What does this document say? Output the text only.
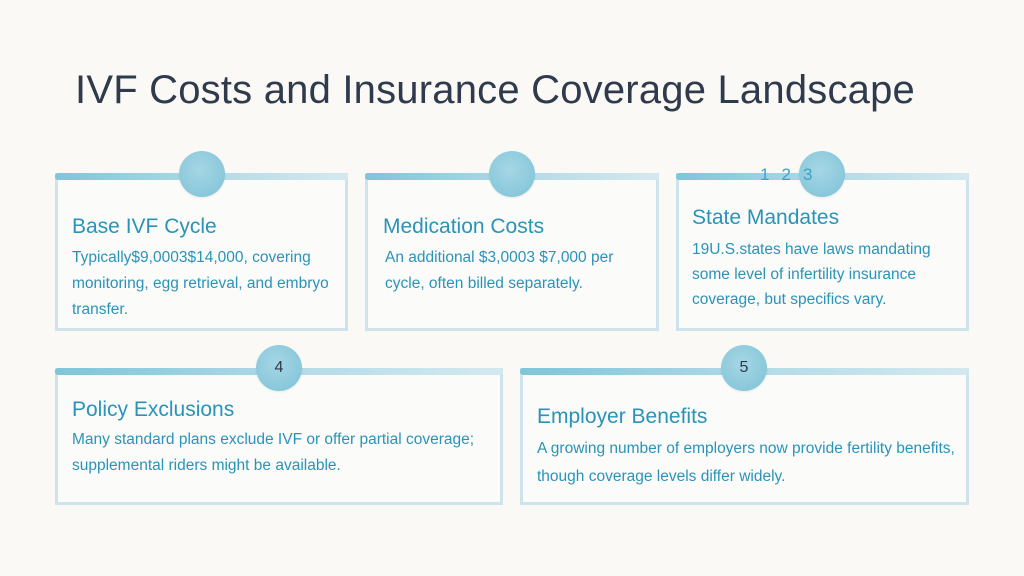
IVF Costs and Insurance Coverage Landscape
Base IVF Cycle

Typically$9,0003$14,000, covering monitoring, egg retrieval, and embryo transfer.

Medication Costs

An additional $3,0003 $7,000 per cycle, often billed separately.

State Mandates

19U.S.states have laws mandating some level of infertility insurance coverage, but specifics vary.

1 2 3
Policy Exclusions

Many standard plans exclude IVF or offer partial coverage; supplemental riders might be available.

4
Employer Benefits

A growing number of employers now provide fertility benefits, though coverage levels differ widely.

5
